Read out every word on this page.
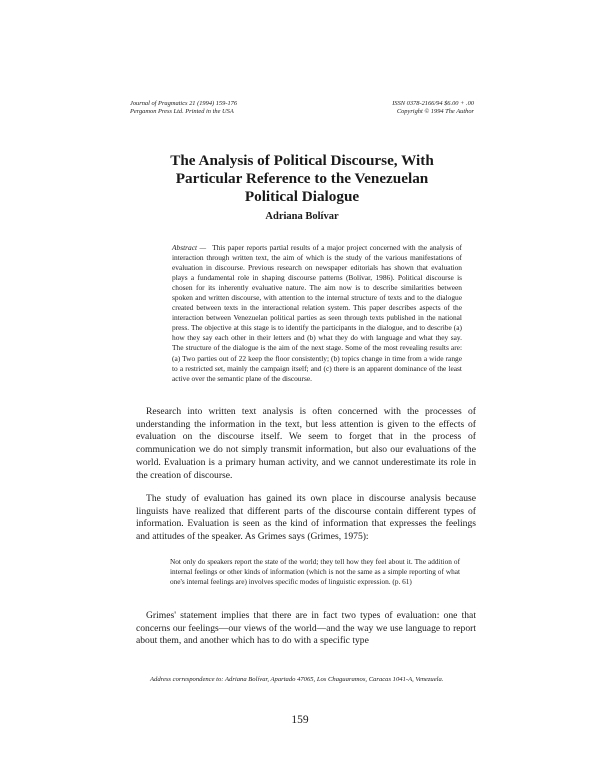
Journal of Pragmatics 21 (1994) 159-176
Pergamon Press Ltd. Printed in the USA
ISSN 0378-2166/94 $6.00 + .00
Copyright © 1994 The Author
The Analysis of Political Discourse, With
Particular Reference to the Venezuelan
Political Dialogue
Adriana Bolívar
Abstract — This paper reports partial results of a major project concerned with the analysis of interaction through written text, the aim of which is the study of the various manifestations of evaluation in discourse. Previous research on newspaper editorials has shown that evaluation plays a fundamental role in shaping discourse patterns (Bolívar, 1986). Political discourse is chosen for its inherently evaluative nature. The aim now is to describe similarities between spoken and written discourse, with attention to the internal structure of texts and to the dialogue created between texts in the interactional relation system. This paper describes aspects of the interaction between Venezuelan political parties as seen through texts published in the national press. The objective at this stage is to identify the participants in the dialogue, and to describe (a) how they say each other in their letters and (b) what they do with language and what they say. The structure of the dialogue is the aim of the next stage. Some of the most revealing results are: (a) Two parties out of 22 keep the floor consistently; (b) topics change in time from a wide range to a restricted set, mainly the campaign itself; and (c) there is an apparent dominance of the least active over the semantic plane of the discourse.

Research into written text analysis is often concerned with the processes of understanding the information in the text, but less attention is given to the effects of evaluation on the discourse itself. We seem to forget that in the process of communication we do not simply transmit information, but also our evaluations of the world. Evaluation is a primary human activity, and we cannot underestimate its role in the creation of discourse.

The study of evaluation has gained its own place in discourse analysis because linguists have realized that different parts of the discourse contain different types of information. Evaluation is seen as the kind of information that expresses the feelings and attitudes of the speaker. As Grimes says (Grimes, 1975):

Not only do speakers report the state of the world; they tell how they feel about it. The addition of internal feelings or other kinds of information (which is not the same as a simple reporting of what one's internal feelings are) involves specific modes of linguistic expression. (p. 61)

Grimes' statement implies that there are in fact two types of evaluation: one that concerns our feelings—our views of the world—and the way we use language to report about them, and another which has to do with a specific type

Address correspondence to: Adriana Bolívar, Apartado 47065, Los Chaguaramos, Caracas 1041-A, Venezuela.
159
